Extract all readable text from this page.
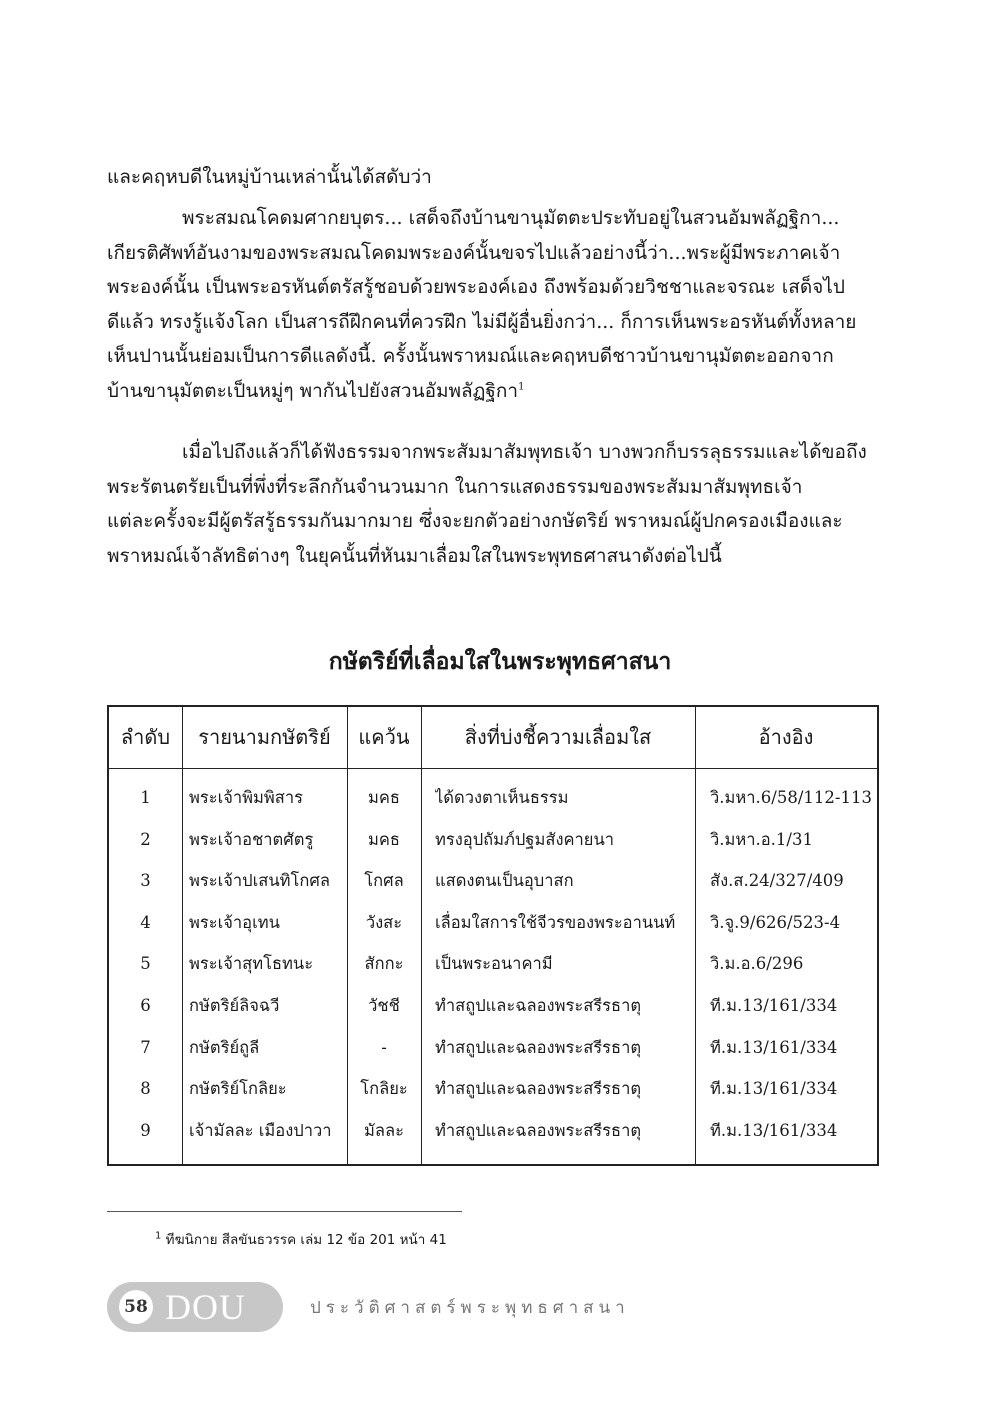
และคฤหบดีในหมู่บ้านเหล่านั้นได้สดับว่า

พระสมณโคดมศากยบุตร... เสด็จถึงบ้านขานุมัตตะประทับอยู่ในสวนอัมพลัฏฐิกา...

เกียรติศัพท์อันงามของพระสมณโคดมพระองค์นั้นขจรไปแล้วอย่างนี้ว่า...พระผู้มีพระภาคเจ้า

พระองค์นั้น เป็นพระอรหันต์ตรัสรู้ชอบด้วยพระองค์เอง ถึงพร้อมด้วยวิชชาและจรณะ เสด็จไป

ดีแล้ว ทรงรู้แจ้งโลก เป็นสารถีฝึกคนที่ควรฝึก ไม่มีผู้อื่นยิ่งกว่า... ก็การเห็นพระอรหันต์ทั้งหลาย

เห็นปานนั้นย่อมเป็นการดีแลดังนี้. ครั้งนั้นพราหมณ์และคฤหบดีชาวบ้านขานุมัตตะออกจาก

บ้านขานุมัตตะเป็นหมู่ๆ พากันไปยังสวนอัมพลัฏฐิกา$^1$

เมื่อไปถึงแล้วก็ได้ฟังธรรมจากพระสัมมาสัมพุทธเจ้า บางพวกก็บรรลุธรรมและได้ขอถึง

พระรัตนตรัยเป็นที่พึ่งที่ระลึกกันจำนวนมาก ในการแสดงธรรมของพระสัมมาสัมพุทธเจ้า

แต่ละครั้งจะมีผู้ตรัสรู้ธรรมกันมากมาย ซึ่งจะยกตัวอย่างกษัตริย์ พราหมณ์ผู้ปกครองเมืองและ

พราหมณ์เจ้าลัทธิต่างๆ ในยุคนั้นที่หันมาเลื่อมใสในพระพุทธศาสนาดังต่อไปนี้

กษัตริย์ที่เลื่อมใสในพระพุทธศาสนา
ลำดับ	รายนามกษัตริย์	แคว้น	สิ่งที่บ่งชี้ความเลื่อมใส	อ้างอิง
1	พระเจ้าพิมพิสาร	มคธ	ได้ดวงตาเห็นธรรม	วิ.มหา.6/58/112-113
2	พระเจ้าอชาตศัตรู	มคธ	ทรงอุปถัมภ์ปฐมสังคายนา	วิ.มหา.อ.1/31
3	พระเจ้าปเสนทิโกศล	โกศล	แสดงตนเป็นอุบาสก	สัง.ส.24/327/409
4	พระเจ้าอุเทน	วังสะ	เลื่อมใสการใช้จีวรของพระอานนท์	วิ.จู.9/626/523-4
5	พระเจ้าสุทโธทนะ	สักกะ	เป็นพระอนาคามี	วิ.ม.อ.6/296
6	กษัตริย์ลิจฉวี	วัชชี	ทำสถูปและฉลองพระสรีรธาตุ	ที.ม.13/161/334
7	กษัตริย์ถูลี	-	ทำสถูปและฉลองพระสรีรธาตุ	ที.ม.13/161/334
8	กษัตริย์โกลิยะ	โกลิยะ	ทำสถูปและฉลองพระสรีรธาตุ	ที.ม.13/161/334
9	เจ้ามัลละ เมืองปาวา	มัลละ	ทำสถูปและฉลองพระสรีรธาตุ	ที.ม.13/161/334
$^1$ ทีฆนิกาย สีลขันธวรรค เล่ม 12 ข้อ 201 หน้า 41
58 DOU	ประวัติศาสตร์พระพุทธศาสนา
